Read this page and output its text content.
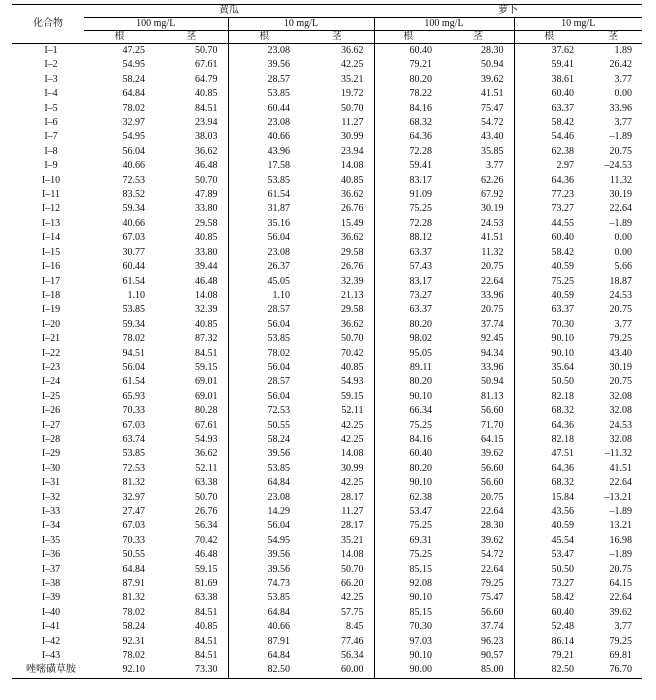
化合物	黄瓜				萝卜			
	100 mg/L		10 mg/L		100 mg/L		10 mg/L	
	根	茎	根	茎	根	茎	根	茎
I–1	47.25	50.70	23.08	36.62	60.40	28.30	37.62	1.89
I–2	54.95	67.61	39.56	42.25	79.21	50.94	59.41	26.42
I–3	58.24	64.79	28.57	35.21	80.20	39.62	38.61	3.77
I–4	64.84	40.85	53.85	19.72	78.22	41.51	60.40	0.00
I–5	78.02	84.51	60.44	50.70	84.16	75.47	63.37	33.96
I–6	32.97	23.94	23.08	11.27	68.32	54.72	58.42	3.77
I–7	54.95	38.03	40.66	30.99	64.36	43.40	54.46	–1.89
I–8	56.04	36.62	43.96	23.94	72.28	35.85	62.38	20.75
I–9	40.66	46.48	17.58	14.08	59.41	3.77	2.97	–24.53
I–10	72.53	50.70	53.85	40.85	83.17	62.26	64.36	11.32
I–11	83.52	47.89	61.54	36.62	91.09	67.92	77.23	30.19
I–12	59.34	33.80	31.87	26.76	75.25	30.19	73.27	22.64
I–13	40.66	29.58	35.16	15.49	72.28	24.53	44.55	–1.89
I–14	67.03	40.85	56.04	36.62	88.12	41.51	60.40	0.00
I–15	30.77	33.80	23.08	29.58	63.37	11.32	58.42	0.00
I–16	60.44	39.44	26.37	26.76	57.43	20.75	40.59	5.66
I–17	61.54	46.48	45.05	32.39	83.17	22.64	75.25	18.87
I–18	1.10	14.08	1.10	21.13	73.27	33.96	40.59	24.53
I–19	53.85	32.39	28.57	29.58	63.37	20.75	63.37	20.75
I–20	59.34	40.85	56.04	36.62	80.20	37.74	70.30	3.77
I–21	78.02	87.32	53.85	50.70	98.02	92.45	90.10	79.25
I–22	94.51	84.51	78.02	70.42	95.05	94.34	90.10	43.40
I–23	56.04	59.15	56.04	40.85	89.11	33.96	35.64	30.19
I–24	61.54	69.01	28.57	54.93	80.20	50.94	50.50	20.75
I–25	65.93	69.01	56.04	59.15	90.10	81.13	82.18	32.08
I–26	70.33	80.28	72.53	52.11	66.34	56.60	68.32	32.08
I–27	67.03	67.61	50.55	42.25	75.25	71.70	64.36	24.53
I–28	63.74	54.93	58.24	42.25	84.16	64.15	82.18	32.08
I–29	53.85	36.62	39.56	14.08	60.40	39.62	47.51	–11.32
I–30	72.53	52.11	53.85	30.99	80.20	56.60	64.36	41.51
I–31	81.32	63.38	64.84	42.25	90.10	56.60	68.32	22.64
I–32	32.97	50.70	23.08	28.17	62.38	20.75	15.84	–13.21
I–33	27.47	26.76	14.29	11.27	53.47	22.64	43.56	–1.89
I–34	67.03	56.34	56.04	28.17	75.25	28.30	40.59	13.21
I–35	70.33	70.42	54.95	35.21	69.31	39.62	45.54	16.98
I–36	50.55	46.48	39.56	14.08	75.25	54.72	53.47	–1.89
I–37	64.84	59.15	39.56	50.70	85.15	22.64	50.50	20.75
I–38	87.91	81.69	74.73	66.20	92.08	79.25	73.27	64.15
I–39	81.32	63.38	53.85	42.25	90.10	75.47	58.42	22.64
I–40	78.02	84.51	64.84	57.75	85.15	56.60	60.40	39.62
I–41	58.24	40.85	40.66	8.45	70.30	37.74	52.48	3.77
I–42	92.31	84.51	87.91	77.46	97.03	96.23	86.14	79.25
I–43	78.02	84.51	64.84	56.34	90.10	90.57	79.21	69.81
唑嘧磺草胺	92.10	73.30	82.50	60.00	90.00	85.00	82.50	76.70
